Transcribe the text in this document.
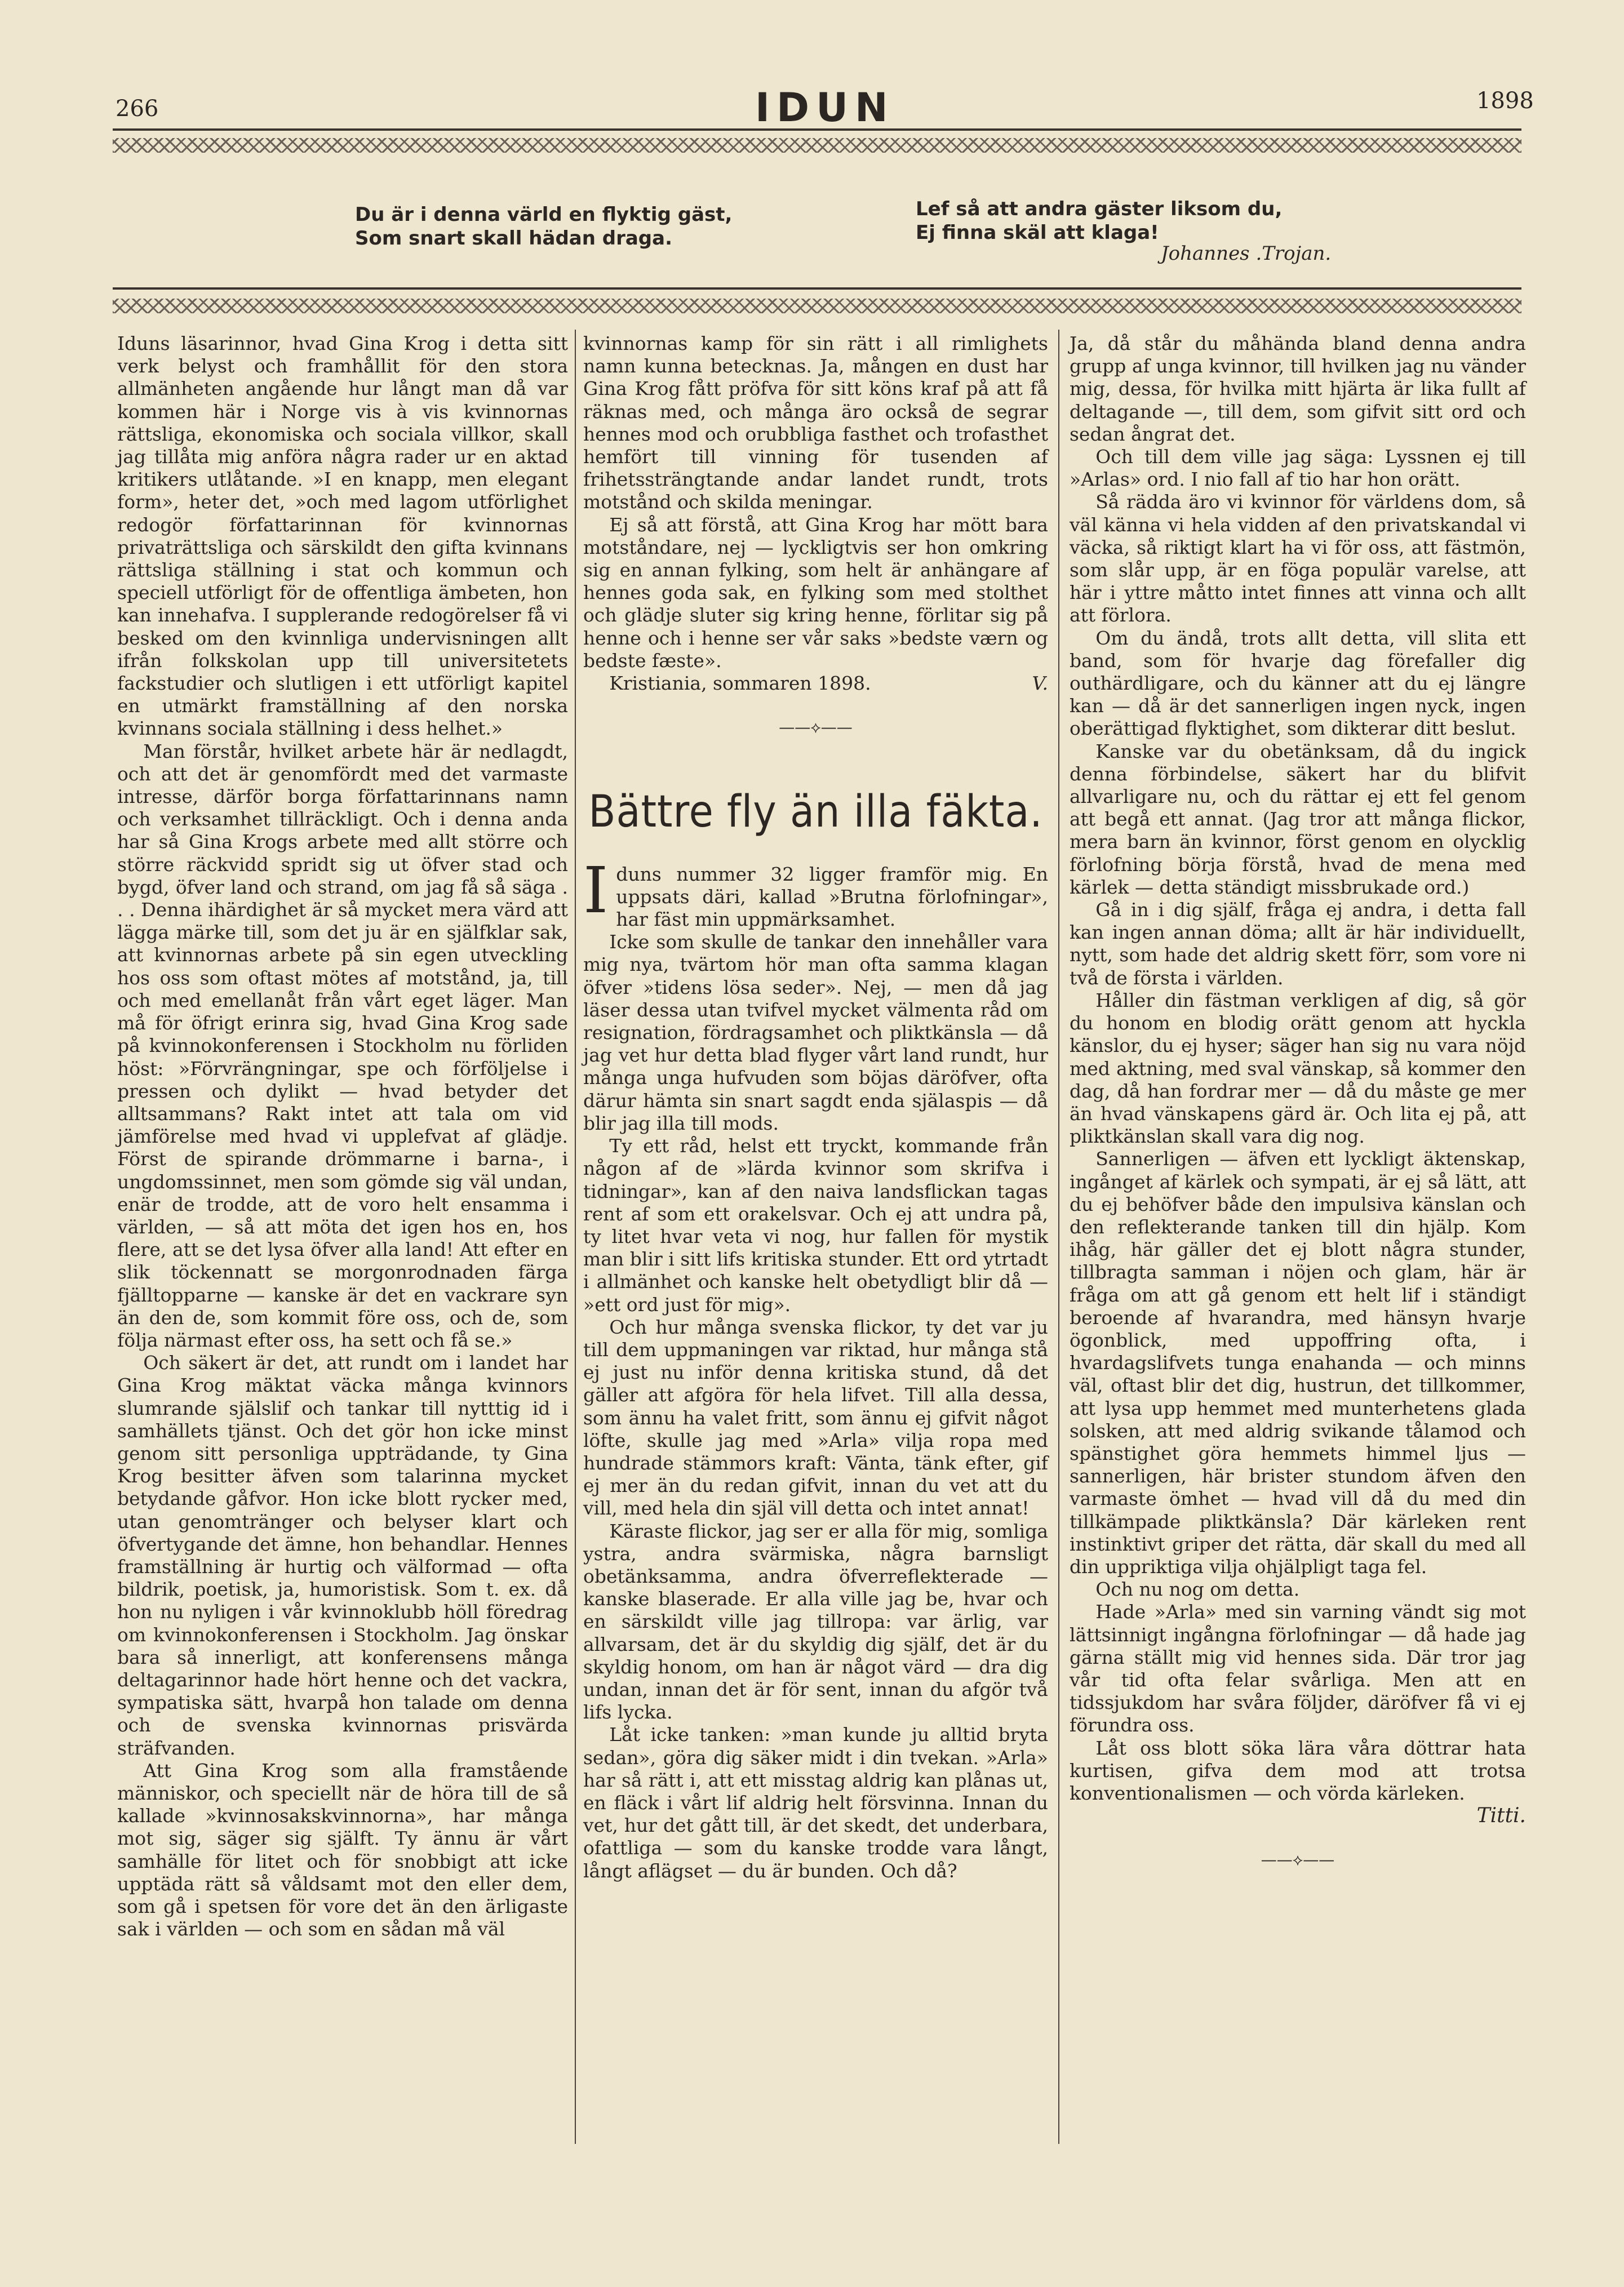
266	IDUN	1898
Du är i denna värld en flyktig gäst,
Som snart skall hädan draga.
Lef så att andra gäster liksom du,
Ej finna skäl att klaga!
Johannes .Trojan.

Iduns läsarinnor, hvad Gina Krog i detta sitt verk belyst och framhållit för den stora allmänheten angående hur långt man då var kommen här i Norge vis à vis kvinnornas rättsliga, ekonomiska och sociala villkor, skall jag tillåta mig anföra några rader ur en aktad kritikers utlåtande. »I en knapp, men elegant form», heter det, »och med lagom utförlighet redogör författarinnan för kvinnornas privaträttsliga och särskildt den gifta kvinnans rättsliga ställning i stat och kommun och speciell utförligt för de offentliga ämbeten, hon kan innehafva. I supplerande redogörelser få vi besked om den kvinnliga undervisningen allt ifrån folkskolan upp till universitetets fackstudier och slutligen i ett utförligt kapitel en utmärkt framställning af den norska kvinnans sociala ställning i dess helhet.»

Man förstår, hvilket arbete här är nedlagdt, och att det är genomfördt med det varmaste intresse, därför borga författarinnans namn och verksamhet tillräckligt. Och i denna anda har så Gina Krogs arbete med allt större och större räckvidd spridt sig ut öfver stad och bygd, öfver land och strand, om jag få så säga . . . Denna ihärdighet är så mycket mera värd att lägga märke till, som det ju är en själfklar sak, att kvinnornas arbete på sin egen utveckling hos oss som oftast mötes af motstånd, ja, till och med emellanåt från vårt eget läger. Man må för öfrigt erinra sig, hvad Gina Krog sade på kvinnokonferensen i Stockholm nu förliden höst: »Förvrängningar, spe och förföljelse i pressen och dylikt — hvad betyder det alltsammans? Rakt intet att tala om vid jämförelse med hvad vi upplefvat af glädje. Först de spirande drömmarne i barna-, i ungdomssinnet, men som gömde sig väl undan, enär de trodde, att de voro helt ensamma i världen, — så att möta det igen hos en, hos flere, att se det lysa öfver alla land! Att efter en slik töckennatt se morgonrodnaden färga fjälltopparne — kanske är det en vackrare syn än den de, som kommit före oss, och de, som följa närmast efter oss, ha sett och få se.»

Och säkert är det, att rundt om i landet har Gina Krog mäktat väcka många kvinnors slumrande själslif och tankar till nytttig id i samhällets tjänst. Och det gör hon icke minst genom sitt personliga uppträdande, ty Gina Krog besitter äfven som talarinna mycket betydande gåfvor. Hon icke blott rycker med, utan genomtränger och belyser klart och öfvertygande det ämne, hon behandlar. Hennes framställning är hurtig och välformad — ofta bildrik, poetisk, ja, humoristisk. Som t. ex. då hon nu nyligen i vår kvinnoklubb höll föredrag om kvinnokonferensen i Stockholm. Jag önskar bara så innerligt, att konferensens många deltagarinnor hade hört henne och det vackra, sympatiska sätt, hvarpå hon talade om denna och de svenska kvinnornas prisvärda sträfvanden.

Att Gina Krog som alla framstående människor, och speciellt när de höra till de så kallade »kvinnosakskvinnorna», har många mot sig, säger sig själft. Ty ännu är vårt samhälle för litet och för snobbigt att icke upptäda rätt så våldsamt mot den eller dem, som gå i spetsen för vore det än den ärligaste sak i världen — och som en sådan må väl

kvinnornas kamp för sin rätt i all rimlighets namn kunna betecknas. Ja, mången en dust har Gina Krog fått pröfva för sitt köns kraf på att få räknas med, och många äro också de segrar hennes mod och orubbliga fasthet och trofasthet hemfört till vinning för tusenden af frihetssträngtande andar landet rundt, trots motstånd och skilda meningar.

Ej så att förstå, att Gina Krog har mött bara motståndare, nej — lyckligtvis ser hon omkring sig en annan fylking, som helt är anhängare af hennes goda sak, en fylking som med stolthet och glädje sluter sig kring henne, förlitar sig på henne och i henne ser vår saks »bedste værn og bedste fæste».

Kristiania, sommaren 1898.	V.
——⟡——
Bättre fly än illa fäkta.

I duns nummer 32 ligger framför mig. En uppsats däri, kallad »Brutna förlofningar», har fäst min uppmärksamhet.

Icke som skulle de tankar den innehåller vara mig nya, tvärtom hör man ofta samma klagan öfver »tidens lösa seder». Nej, — men då jag läser dessa utan tvifvel mycket välmenta råd om resignation, fördragsamhet och pliktkänsla — då jag vet hur detta blad flyger vårt land rundt, hur många unga hufvuden som böjas däröfver, ofta därur hämta sin snart sagdt enda själaspis — då blir jag illa till mods.

Ty ett råd, helst ett tryckt, kommande från någon af de »lärda kvinnor som skrifva i tidningar», kan af den naiva landsflickan tagas rent af som ett orakelsvar. Och ej att undra på, ty litet hvar veta vi nog, hur fallen för mystik man blir i sitt lifs kritiska stunder. Ett ord ytrtadt i allmänhet och kanske helt obetydligt blir då — »ett ord just för mig».

Och hur många svenska flickor, ty det var ju till dem uppmaningen var riktad, hur många stå ej just nu inför denna kritiska stund, då det gäller att afgöra för hela lifvet. Till alla dessa, som ännu ha valet fritt, som ännu ej gifvit något löfte, skulle jag med »Arla» vilja ropa med hundrade stämmors kraft: Vänta, tänk efter, gif ej mer än du redan gifvit, innan du vet att du vill, med hela din själ vill detta och intet annat!

Käraste flickor, jag ser er alla för mig, somliga ystra, andra svärmiska, några barnsligt obetänksamma, andra öfverreflekterade — kanske blaserade. Er alla ville jag be, hvar och en särskildt ville jag tillropa: var ärlig, var allvarsam, det är du skyldig dig själf, det är du skyldig honom, om han är något värd — dra dig undan, innan det är för sent, innan du afgör två lifs lycka.

Låt icke tanken: »man kunde ju alltid bryta sedan», göra dig säker midt i din tvekan. »Arla» har så rätt i, att ett misstag aldrig kan plånas ut, en fläck i vårt lif aldrig helt försvinna. Innan du vet, hur det gått till, är det skedt, det underbara, ofattliga — som du kanske trodde vara långt, långt aflägset — du är bunden. Och då?

Ja, då står du måhända bland denna andra grupp af unga kvinnor, till hvilken jag nu vänder mig, dessa, för hvilka mitt hjärta är lika fullt af deltagande —, till dem, som gifvit sitt ord och sedan ångrat det.

Och till dem ville jag säga: Lyssnen ej till »Arlas» ord. I nio fall af tio har hon orätt.

Så rädda äro vi kvinnor för världens dom, så väl känna vi hela vidden af den privatskandal vi väcka, så riktigt klart ha vi för oss, att fästmön, som slår upp, är en föga populär varelse, att här i yttre måtto intet finnes att vinna och allt att förlora.

Om du ändå, trots allt detta, vill slita ett band, som för hvarje dag förefaller dig outhärdligare, och du känner att du ej längre kan — då är det sannerligen ingen nyck, ingen oberättigad flyktighet, som dikterar ditt beslut.

Kanske var du obetänksam, då du ingick denna förbindelse, säkert har du blifvit allvarligare nu, och du rättar ej ett fel genom att begå ett annat. (Jag tror att många flickor, mera barn än kvinnor, först genom en olycklig förlofning börja förstå, hvad de mena med kärlek — detta ständigt missbrukade ord.)

Gå in i dig själf, fråga ej andra, i detta fall kan ingen annan döma; allt är här individuellt, nytt, som hade det aldrig skett förr, som vore ni två de första i världen.

Håller din fästman verkligen af dig, så gör du honom en blodig orätt genom att hyckla känslor, du ej hyser; säger han sig nu vara nöjd med aktning, med sval vänskap, så kommer den dag, då han fordrar mer — då du måste ge mer än hvad vänskapens gärd är. Och lita ej på, att pliktkänslan skall vara dig nog.

Sannerligen — äfven ett lyckligt äktenskap, ingånget af kärlek och sympati, är ej så lätt, att du ej behöfver både den impulsiva känslan och den reflekterande tanken till din hjälp. Kom ihåg, här gäller det ej blott några stunder, tillbragta samman i nöjen och glam, här är fråga om att gå genom ett helt lif i ständigt beroende af hvarandra, med hänsyn hvarje ögonblick, med uppoffring ofta, i hvardagslifvets tunga enahanda — och minns väl, oftast blir det dig, hustrun, det tillkommer, att lysa upp hemmet med munterhetens glada solsken, att med aldrig svikande tålamod och spänstighet göra hemmets himmel ljus — sannerligen, här brister stundom äfven den varmaste ömhet — hvad vill då du med din tillkämpade pliktkänsla? Där kärleken rent instinktivt griper det rätta, där skall du med all din uppriktiga vilja ohjälpligt taga fel.

Och nu nog om detta.

Hade »Arla» med sin varning vändt sig mot lättsinnigt ingångna förlofningar — då hade jag gärna ställt mig vid hennes sida. Där tror jag vår tid ofta felar svårliga. Men att en tidssjukdom har svåra följder, däröfver få vi ej förundra oss.

Låt oss blott söka lära våra döttrar hata kurtisen, gifva dem mod att trotsa konventionalismen — och vörda kärleken.

Titti.
——⟡——
